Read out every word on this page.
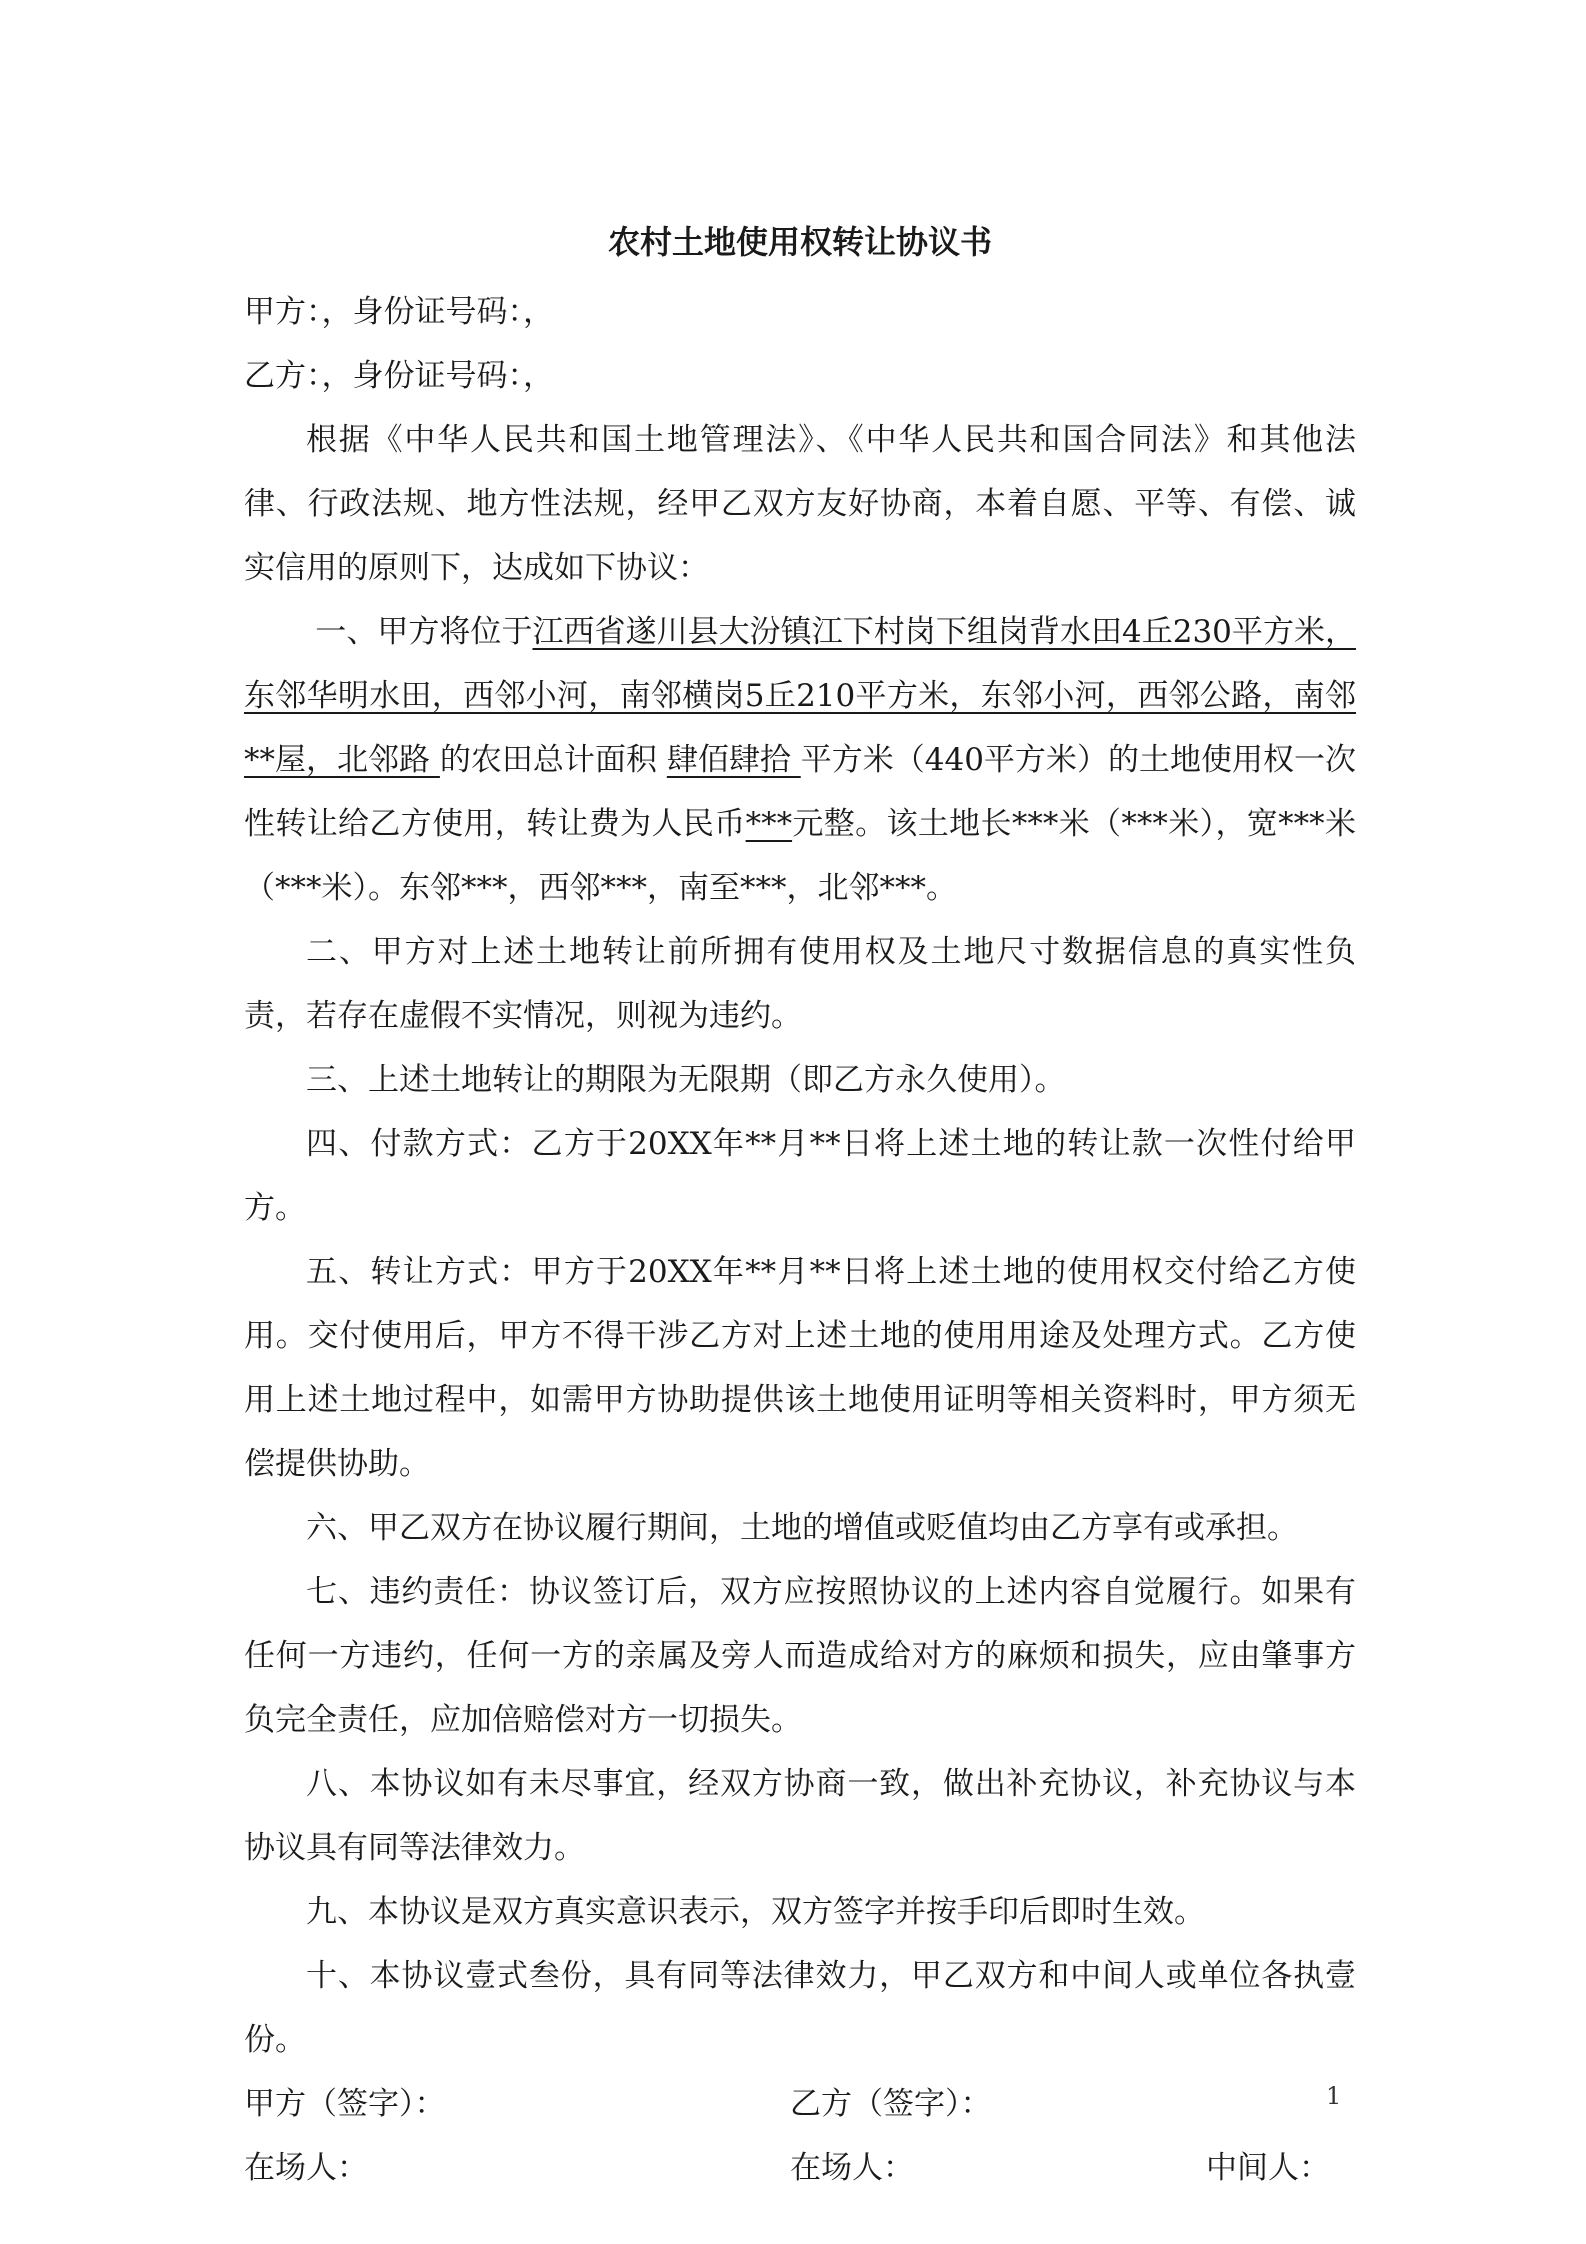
农村土地使用权转让协议书

甲方：，身份证号码：，

乙方：，身份证号码：，

根据《中华人民共和国土地管理法》、《中华人民共和国合同法》和其他法律、行政法规、地方性法规，经甲乙双方友好协商，本着自愿、平等、有偿、诚实信用的原则下，达成如下协议：

一、甲方将位于江西省遂川县大汾镇江下村岗下组岗背水田4丘230平方米，东邻华明水田，西邻小河，南邻横岗5丘210平方米，东邻小河，西邻公路，南邻**屋，北邻路 的农田总计面积 肆佰肆拾 平方米（440平方米）的土地使用权一次性转让给乙方使用，转让费为人民币***元整。该土地长***米（***米），宽***米（***米）。东邻***，西邻***，南至***，北邻***。

二、甲方对上述土地转让前所拥有使用权及土地尺寸数据信息的真实性负责，若存在虚假不实情况，则视为违约。

三、上述土地转让的期限为无限期（即乙方永久使用）。

四、付款方式：乙方于20XX年**月**日将上述土地的转让款一次性付给甲方。

五、转让方式：甲方于20XX年**月**日将上述土地的使用权交付给乙方使用。交付使用后，甲方不得干涉乙方对上述土地的使用用途及处理方式。乙方使用上述土地过程中，如需甲方协助提供该土地使用证明等相关资料时，甲方须无偿提供协助。

六、甲乙双方在协议履行期间，土地的增值或贬值均由乙方享有或承担。

七、违约责任：协议签订后，双方应按照协议的上述内容自觉履行。如果有任何一方违约，任何一方的亲属及旁人而造成给对方的麻烦和损失，应由肇事方负完全责任，应加倍赔偿对方一切损失。

八、本协议如有未尽事宜，经双方协商一致，做出补充协议，补充协议与本协议具有同等法律效力。

九、本协议是双方真实意识表示，双方签字并按手印后即时生效。

十、本协议壹式叁份，具有同等法律效力，甲乙双方和中间人或单位各执壹份。

甲方（签字）：	乙方（签字）：
在场人：	在场人：	中间人：
1
